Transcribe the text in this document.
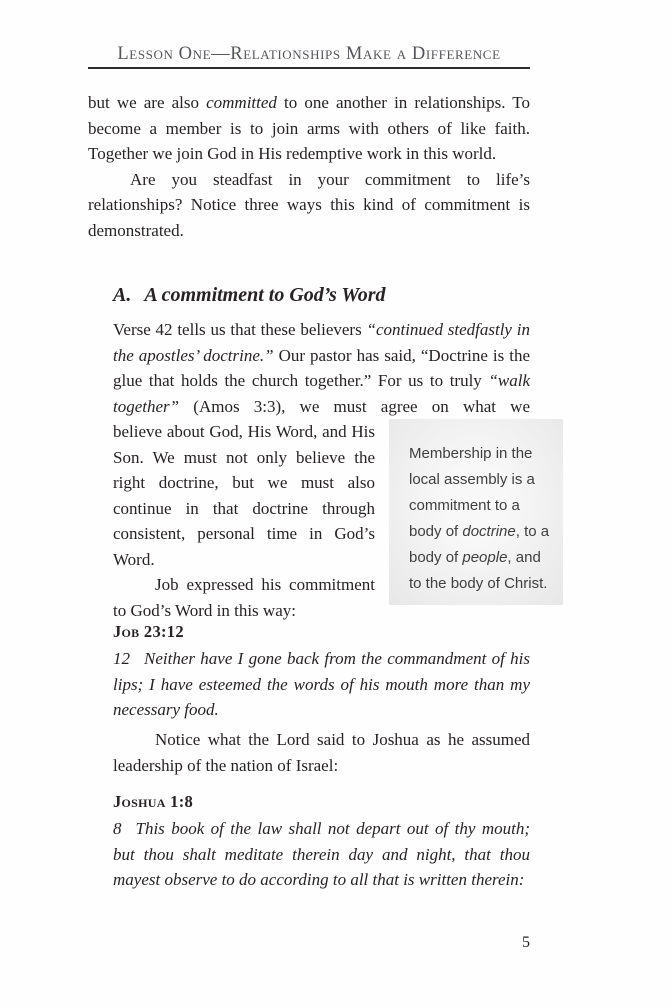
Lesson One—Relationships Make a Difference

but we are also committed to one another in relationships. To become a member is to join arms with others of like faith. Together we join God in His redemptive work in this world.

Are you steadfast in your commitment to life’s relationships? Notice three ways this kind of commitment is demonstrated.

A. A commitment to God’s Word

Verse 42 tells us that these believers “continued stedfastly in the apostles’ doctrine.” Our pastor has said, “Doctrine is the glue that holds the church together.” For us to truly “walk together” (Amos 3:3), we must agree on what we

Membership in the
local assembly is a
commitment to a
body of doctrine, to a
body of people, and
to the body of Christ.

believe about God, His Word, and His Son. We must not only believe the right doctrine, but we must also continue in that doctrine through consistent, personal time in God’s Word.

Job expressed his commitment to God’s Word in this way:

Job 23:12

12 Neither have I gone back from the commandment of his lips; I have esteemed the words of his mouth more than my necessary food.

Notice what the Lord said to Joshua as he assumed leadership of the nation of Israel:

Joshua 1:8

8 This book of the law shall not depart out of thy mouth; but thou shalt meditate therein day and night, that thou mayest observe to do according to all that is written therein:

5
